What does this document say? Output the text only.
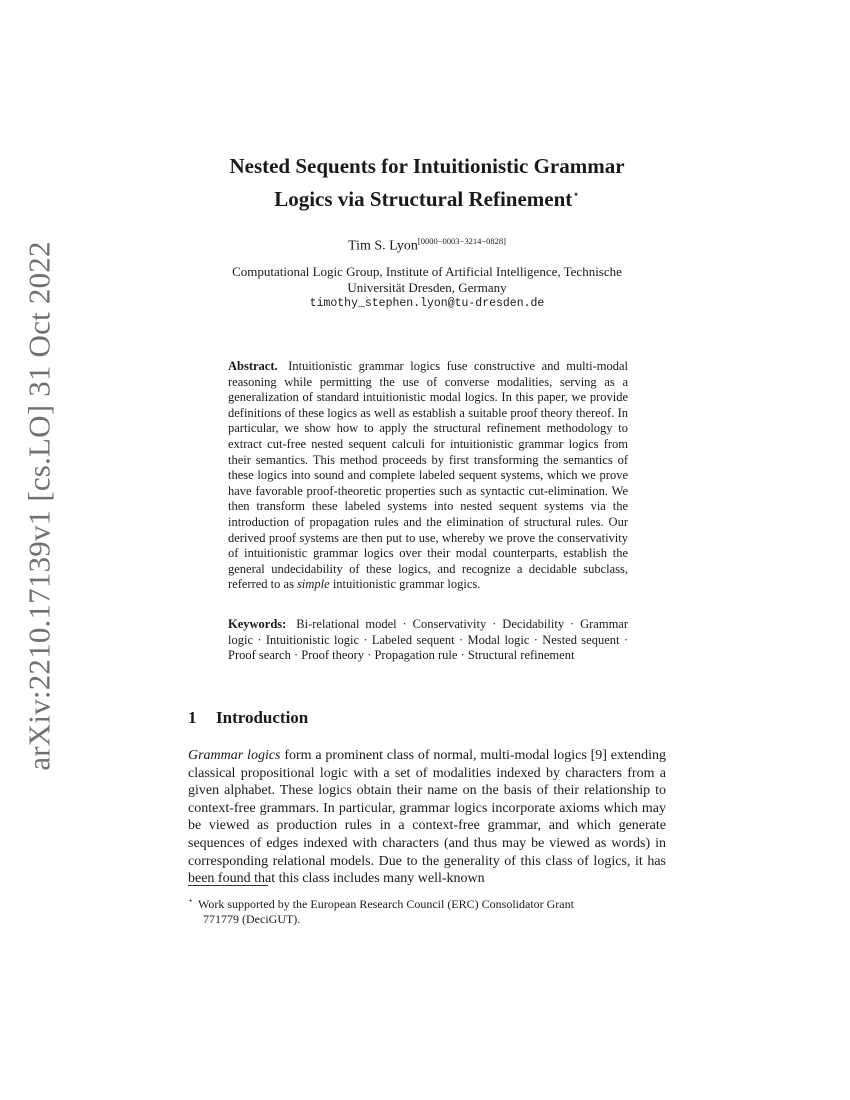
arXiv:2210.17139v1 [cs.LO] 31 Oct 2022
Nested Sequents for Intuitionistic Grammar
Logics via Structural Refinement⋆
Tim S. Lyon[0000−0003−3214−0828]
Computational Logic Group, Institute of Artificial Intelligence, Technische
Universität Dresden, Germany
timothy_stephen.lyon@tu-dresden.de
Abstract. Intuitionistic grammar logics fuse constructive and multi-modal reasoning while permitting the use of converse modalities, serving as a generalization of standard intuitionistic modal logics. In this paper, we provide definitions of these logics as well as establish a suitable proof theory thereof. In particular, we show how to apply the structural refinement methodology to extract cut-free nested sequent calculi for intuitionistic grammar logics from their semantics. This method proceeds by first transforming the semantics of these logics into sound and complete labeled sequent systems, which we prove have favorable proof-theoretic properties such as syntactic cut-elimination. We then transform these labeled systems into nested sequent systems via the introduction of propagation rules and the elimination of structural rules. Our derived proof systems are then put to use, whereby we prove the conservativity of intuitionistic grammar logics over their modal counterparts, establish the general undecidability of these logics, and recognize a decidable subclass, referred to as simple intuitionistic grammar logics.
Keywords: Bi-relational model · Conservativity · Decidability · Grammar logic · Intuitionistic logic · Labeled sequent · Modal logic · Nested sequent · Proof search · Proof theory · Propagation rule · Structural refinement
1 Introduction
Grammar logics form a prominent class of normal, multi-modal logics [9] extending classical propositional logic with a set of modalities indexed by characters from a given alphabet. These logics obtain their name on the basis of their relationship to context-free grammars. In particular, grammar logics incorporate axioms which may be viewed as production rules in a context-free grammar, and which generate sequences of edges indexed with characters (and thus may be viewed as words) in corresponding relational models. Due to the generality of this class of logics, it has been found that this class includes many well-known
⋆ Work supported by the European Research Council (ERC) Consolidator Grant
771779 (DeciGUT).
